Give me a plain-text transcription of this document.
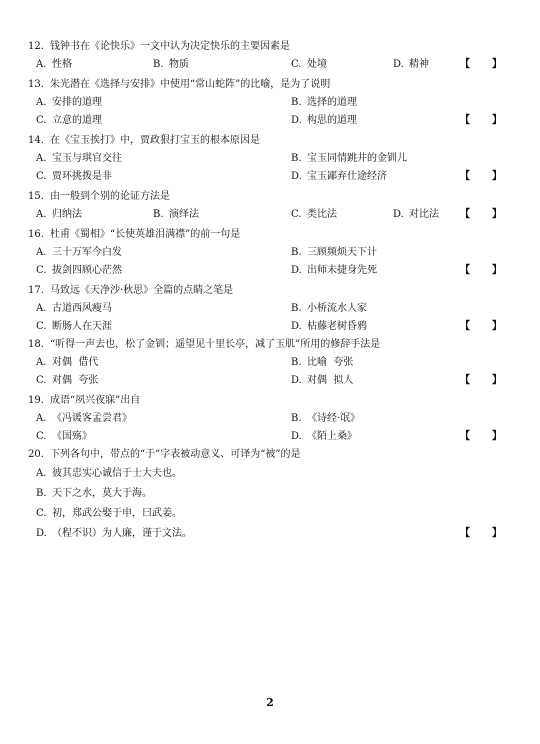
12. 钱钟书在《论快乐》一文中认为决定快乐的主要因素是
A. 性格	B. 物质	C. 处境	D. 精神	【 】
13. 朱光潜在《选择与安排》中使用“常山蛇阵”的比喻，是为了说明
A. 安排的道理	B. 选择的道理
C. 立意的道理	D. 构思的道理	【 】
14. 在《宝玉挨打》中，贾政狠打宝玉的根本原因是
A. 宝玉与琪官交往	B. 宝玉同情跳井的金钏儿
C. 贾环挑拨是非	D. 宝玉鄙弃仕途经济	【 】
15. 由一般到个别的论证方法是
A. 归纳法	B. 演绎法	C. 类比法	D. 对比法 【 】
16. 杜甫《蜀相》“长使英雄泪满襟”的前一句是
A. 三十万军今白发	B. 三顾频烦天下计
C. 拔剑四顾心茫然	D. 出师未捷身先死	【 】
17. 马致远《天净沙·秋思》全篇的点睛之笔是
A. 古道西风瘦马	B. 小桥流水人家
C. 断肠人在天涯	D. 枯藤老树昏鸦	【 】
18. “听得一声去也，松了金钏；遥望见十里长亭，减了玉肌”所用的修辞手法是
A. 对偶  借代	B. 比喻  夸张
C. 对偶  夸张	D. 对偶  拟人	【 】
19. 成语“夙兴夜寐”出自
A. 《冯谖客孟尝君》	B. 《诗经·氓》
C. 《国殇》	D. 《陌上桑》	【 】
20. 下列各句中，带点的“于”字表被动意义、可译为“被”的是
A. 彼其忠实心诚信于士大夫也。
B. 天下之水，莫大于海。
C. 初，郑武公娶于申，曰武姜。
D. （程不识）为人廉，谨于文法。	【 】
2
